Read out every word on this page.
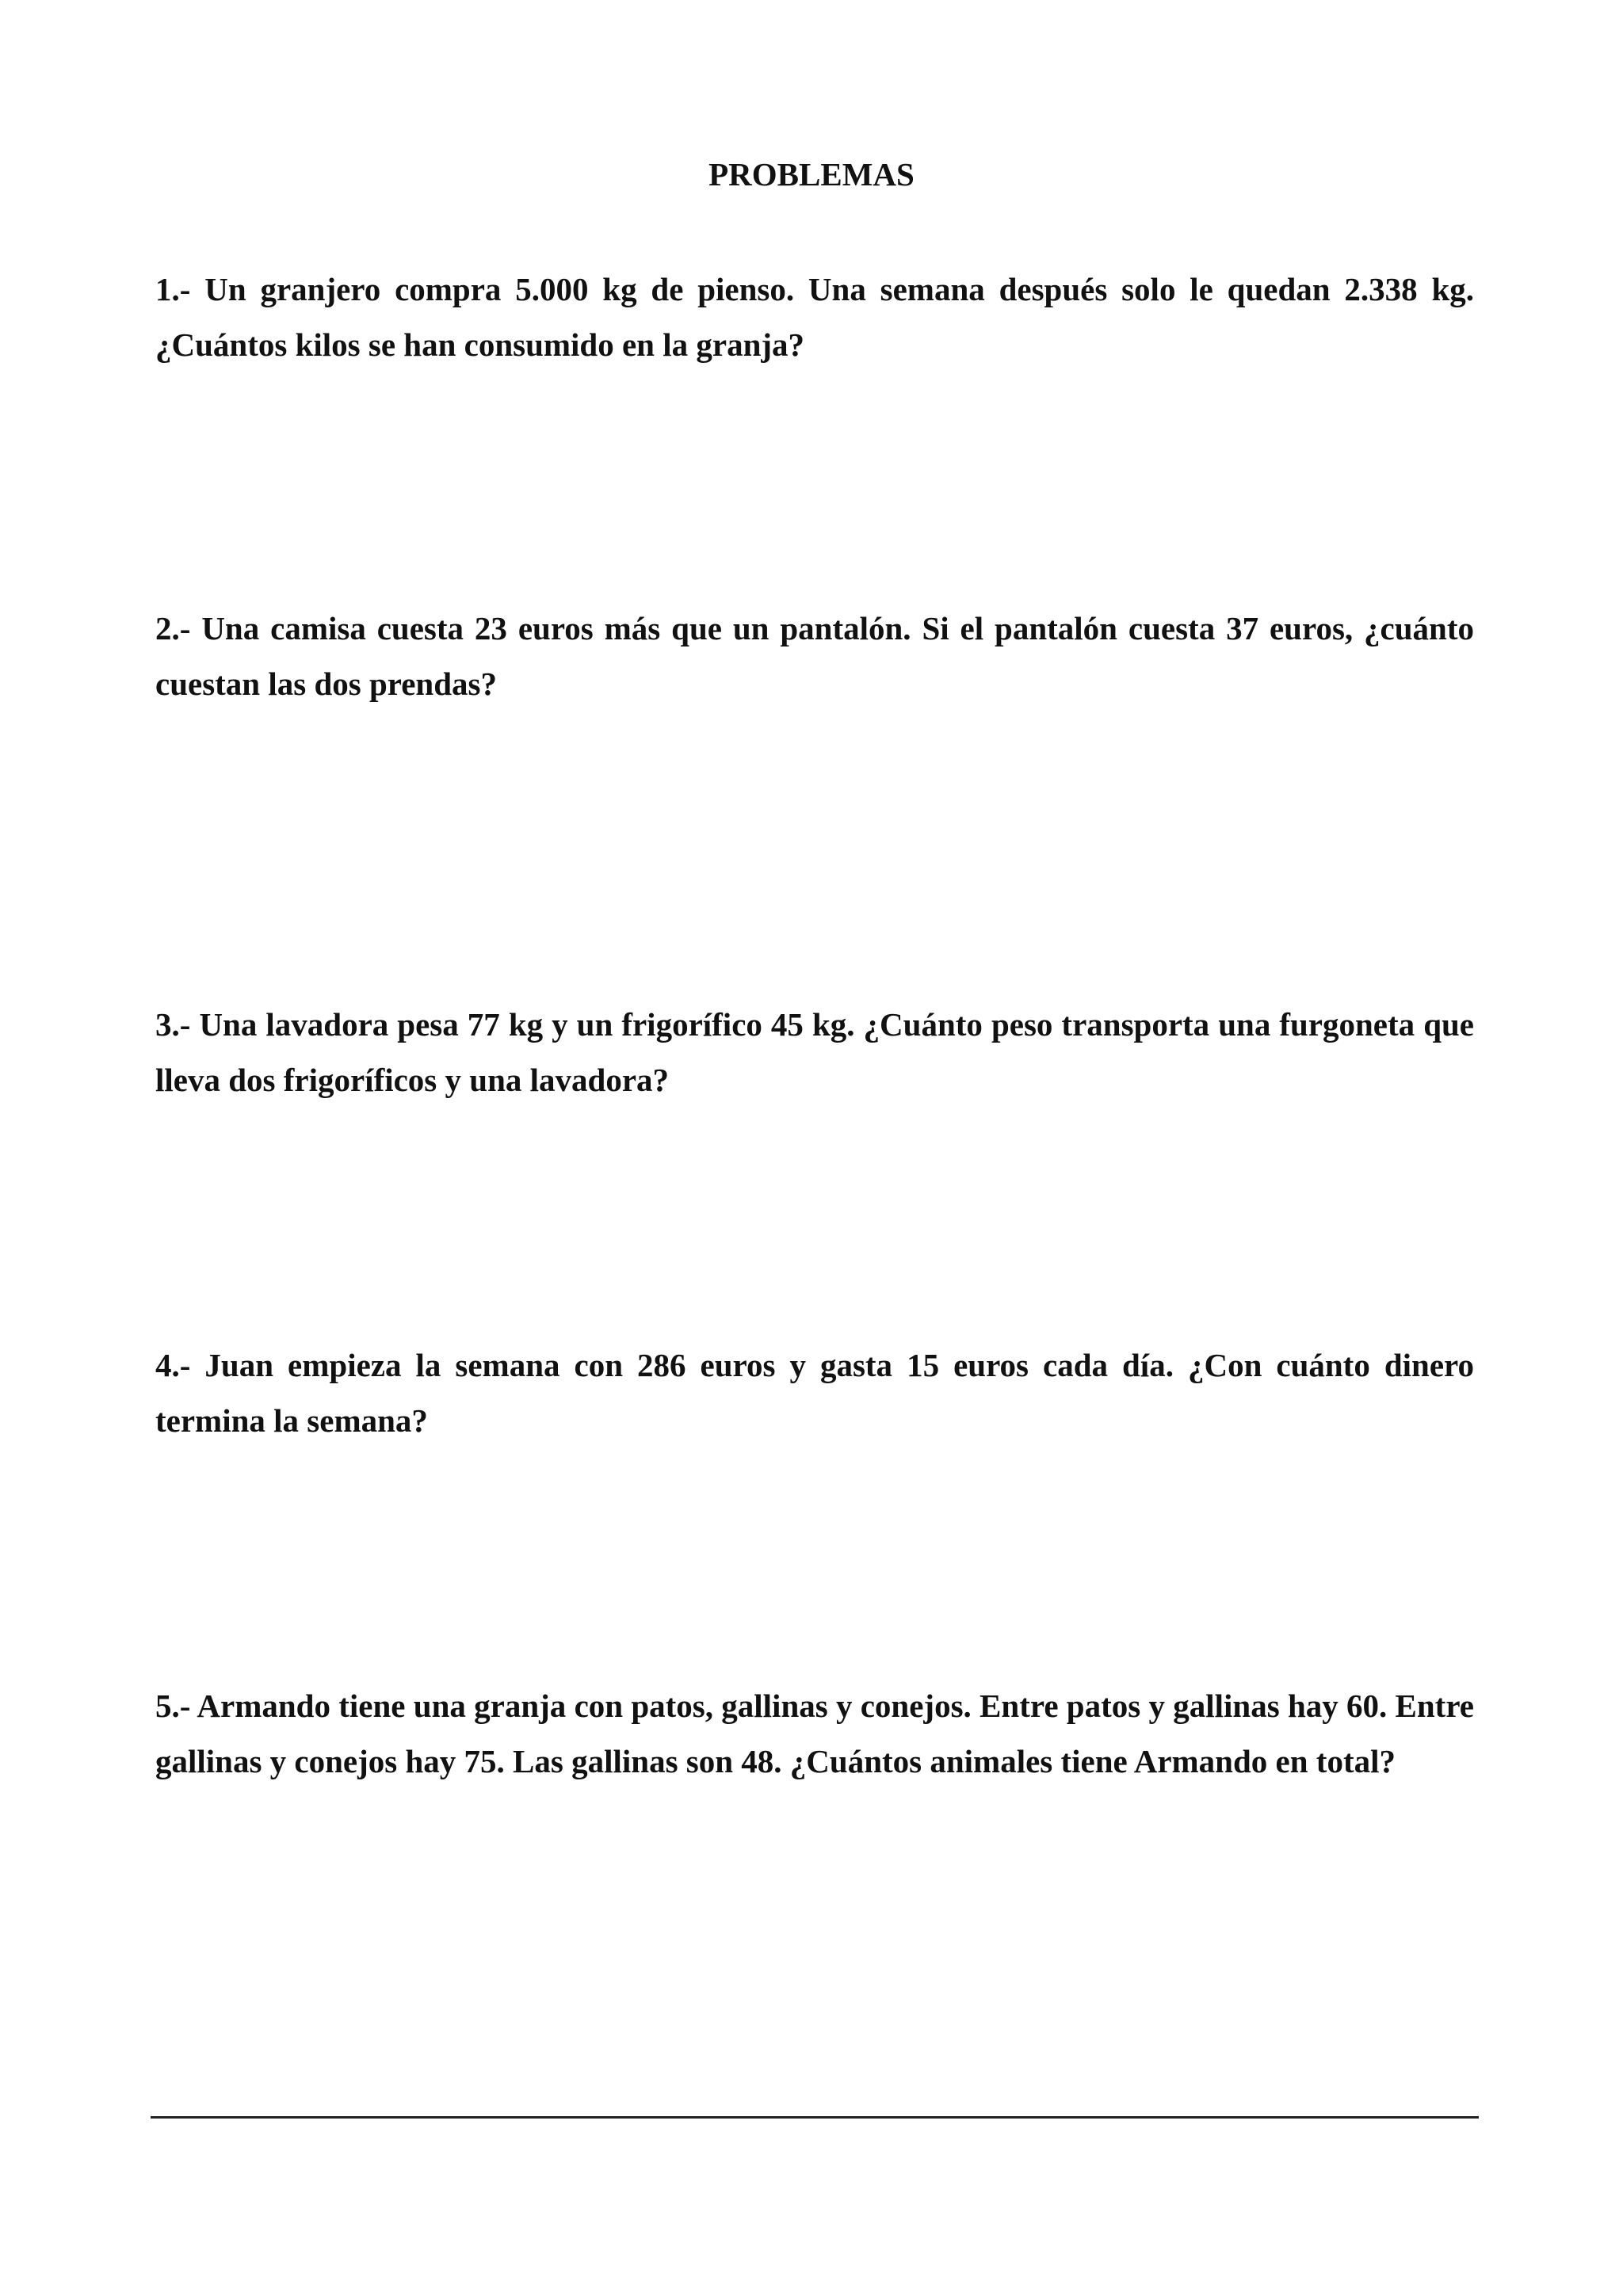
PROBLEMAS

1.- Un granjero compra 5.000 kg de pienso. Una semana después solo le quedan 2.338 kg. ¿Cuántos kilos se han consumido en la granja?

2.- Una camisa cuesta 23 euros más que un pantalón. Si el pantalón cuesta 37 euros, ¿cuánto cuestan las dos prendas?

3.- Una lavadora pesa 77 kg y un frigorífico 45 kg. ¿Cuánto peso transporta una furgoneta que lleva dos frigoríficos y una lavadora?

4.- Juan empieza la semana con 286 euros y gasta 15 euros cada día. ¿Con cuánto dinero termina la semana?

5.- Armando tiene una granja con patos, gallinas y conejos. Entre patos y gallinas hay 60. Entre gallinas y conejos hay 75. Las gallinas son 48. ¿Cuántos animales tiene Armando en total?
